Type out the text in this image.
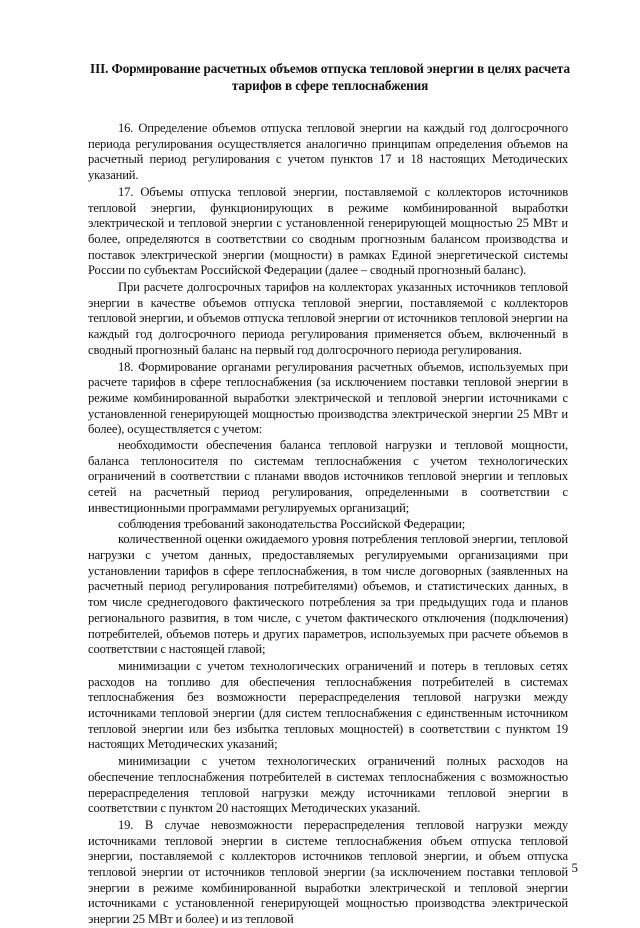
III. Формирование расчетных объемов отпуска тепловой энергии в целях расчета
тарифов в сфере теплоснабжения

16. Определение объемов отпуска тепловой энергии на каждый год долгосрочного периода регулирования осуществляется аналогично принципам определения объемов на расчетный период регулирования с учетом пунктов 17 и 18 настоящих Методических указаний.

17. Объемы отпуска тепловой энергии, поставляемой с коллекторов источников тепловой энергии, функционирующих в режиме комбинированной выработки электрической и тепловой энергии с установленной генерирующей мощностью 25 МВт и более, определяются в соответствии со сводным прогнозным балансом производства и поставок электрической энергии (мощности) в рамках Единой энергетической системы России по субъектам Российской Федерации (далее – сводный прогнозный баланс).

При расчете долгосрочных тарифов на коллекторах указанных источников тепловой энергии в качестве объемов отпуска тепловой энергии, поставляемой с коллекторов тепловой энергии, и объемов отпуска тепловой энергии от источников тепловой энергии на каждый год долгосрочного периода регулирования применяется объем, включенный в сводный прогнозный баланс на первый год долгосрочного периода регулирования.

18. Формирование органами регулирования расчетных объемов, используемых при расчете тарифов в сфере теплоснабжения (за исключением поставки тепловой энергии в режиме комбинированной выработки электрической и тепловой энергии источниками с установленной генерирующей мощностью производства электрической энергии 25 МВт и более), осуществляется с учетом:

необходимости обеспечения баланса тепловой нагрузки и тепловой мощности, баланса теплоносителя по системам теплоснабжения с учетом технологических ограничений в соответствии с планами вводов источников тепловой энергии и тепловых сетей на расчетный период регулирования, определенными в соответствии с инвестиционными программами регулируемых организаций;

соблюдения требований законодательства Российской Федерации;

количественной оценки ожидаемого уровня потребления тепловой энергии, тепловой нагрузки с учетом данных, предоставляемых регулируемыми организациями при установлении тарифов в сфере теплоснабжения, в том числе договорных (заявленных на расчетный период регулирования потребителями) объемов, и статистических данных, в том числе среднегодового фактического потребления за три предыдущих года и планов регионального развития, в том числе, с учетом фактического отключения (подключения) потребителей, объемов потерь и других параметров, используемых при расчете объемов в соответствии с настоящей главой;

минимизации с учетом технологических ограничений и потерь в тепловых сетях расходов на топливо для обеспечения теплоснабжения потребителей в системах теплоснабжения без возможности перераспределения тепловой нагрузки между источниками тепловой энергии (для систем теплоснабжения с единственным источником тепловой энергии или без избытка тепловых мощностей) в соответствии с пунктом 19 настоящих Методических указаний;

минимизации с учетом технологических ограничений полных расходов на обеспечение теплоснабжения потребителей в системах теплоснабжения с возможностью перераспределения тепловой нагрузки между источниками тепловой энергии в соответствии с пунктом 20 настоящих Методических указаний.

19. В случае невозможности перераспределения тепловой нагрузки между источниками тепловой энергии в системе теплоснабжения объем отпуска тепловой энергии, поставляемой с коллекторов источников тепловой энергии, и объем отпуска тепловой энергии от источников тепловой энергии (за исключением поставки тепловой энергии в режиме комбинированной выработки электрической и тепловой энергии источниками с установленной генерирующей мощностью производства электрической энергии 25 МВт и более) и из тепловой

5
